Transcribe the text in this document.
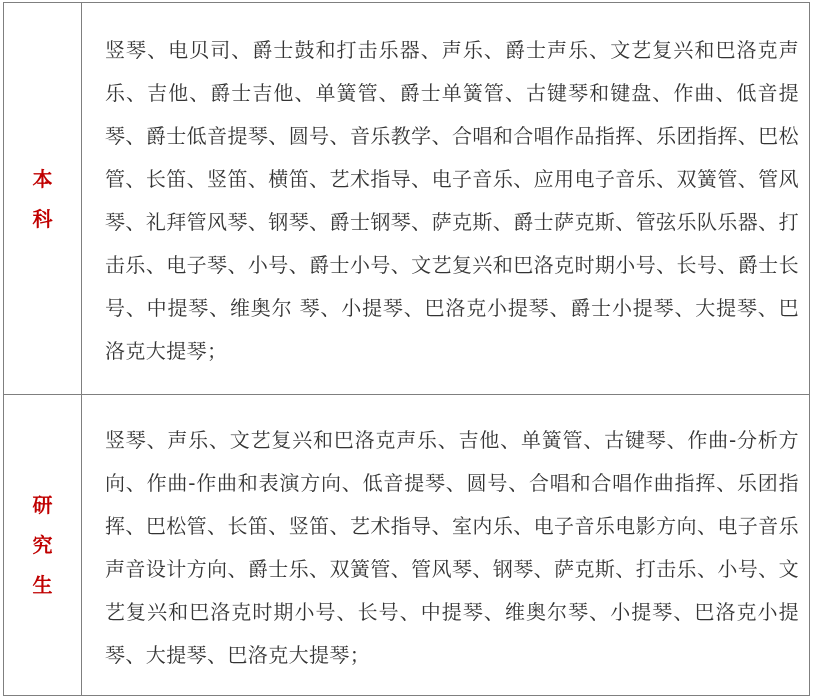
本科	竖琴、电贝司、爵士鼓和打击乐器、声乐、爵士声乐、文艺复兴和巴洛克声乐、吉他、爵士吉他、单簧管、爵士单簧管、古键琴和键盘、作曲、低音提琴、爵士低音提琴、圆号、音乐教学、合唱和合唱作品指挥、乐团指挥、巴松管、长笛、竖笛、横笛、艺术指导、电子音乐、应用电子音乐、双簧管、管风琴、礼拜管风琴、钢琴、爵士钢琴、萨克斯、爵士萨克斯、管弦乐队乐器、打击乐、电子琴、小号、爵士小号、文艺复兴和巴洛克时期小号、长号、爵士长号、中提琴、维奥尔 琴、小提琴、巴洛克小提琴、爵士小提琴、大提琴、巴洛克大提琴；

研究生	竖琴、声乐、文艺复兴和巴洛克声乐、吉他、单簧管、古键琴、作曲-分析方向、作曲-作曲和表演方向、低音提琴、圆号、合唱和合唱作曲指挥、乐团指挥、巴松管、长笛、竖笛、艺术指导、室内乐、电子音乐电影方向、电子音乐声音设计方向、爵士乐、双簧管、管风琴、钢琴、萨克斯、打击乐、小号、文艺复兴和巴洛克时期小号、长号、中提琴、维奥尔琴、小提琴、巴洛克小提琴、大提琴、巴洛克大提琴；
